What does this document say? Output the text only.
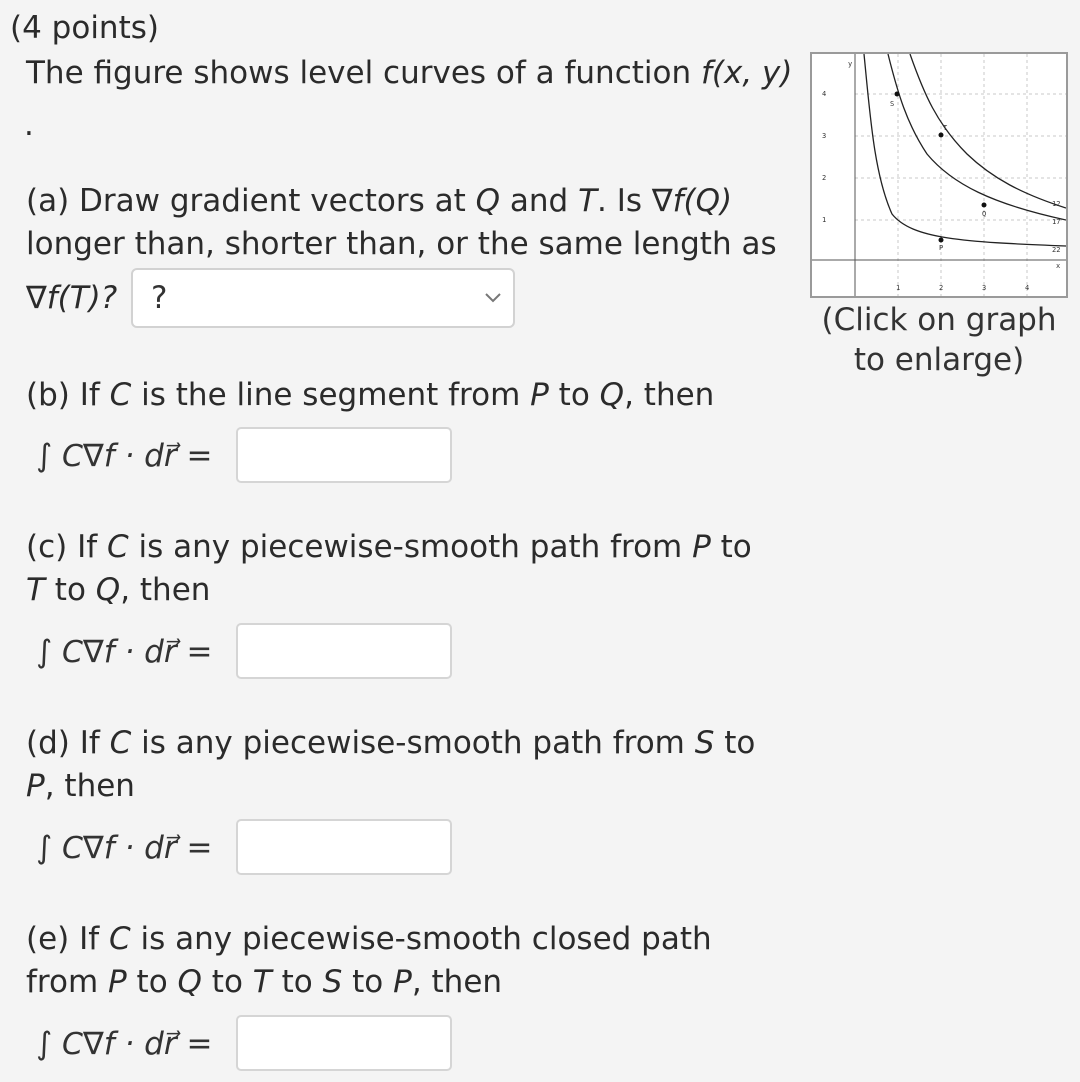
(4 points)
The figure shows level curves of a function f(x, y)
.
(a) Draw gradient vectors at Q and T. Is ∇f(Q)
longer than, shorter than, or the same length as
∇f(T)?	?
(b) If C is the line segment from P to Q, then
∫ C∇f · dr⃗ =
(c) If C is any piecewise-smooth path from P to
T to Q, then
∫ C∇f · dr⃗ =
(d) If C is any piecewise-smooth path from S to
P, then
∫ C∇f · dr⃗ =
(e) If C is any piecewise-smooth closed path
from P to Q to T to S to P, then
∫ C∇f · dr⃗ =
y
x
1
2
3
4
1	2	3	4
12
17
22
S
T
Q
P
(Click on graph
to enlarge)
